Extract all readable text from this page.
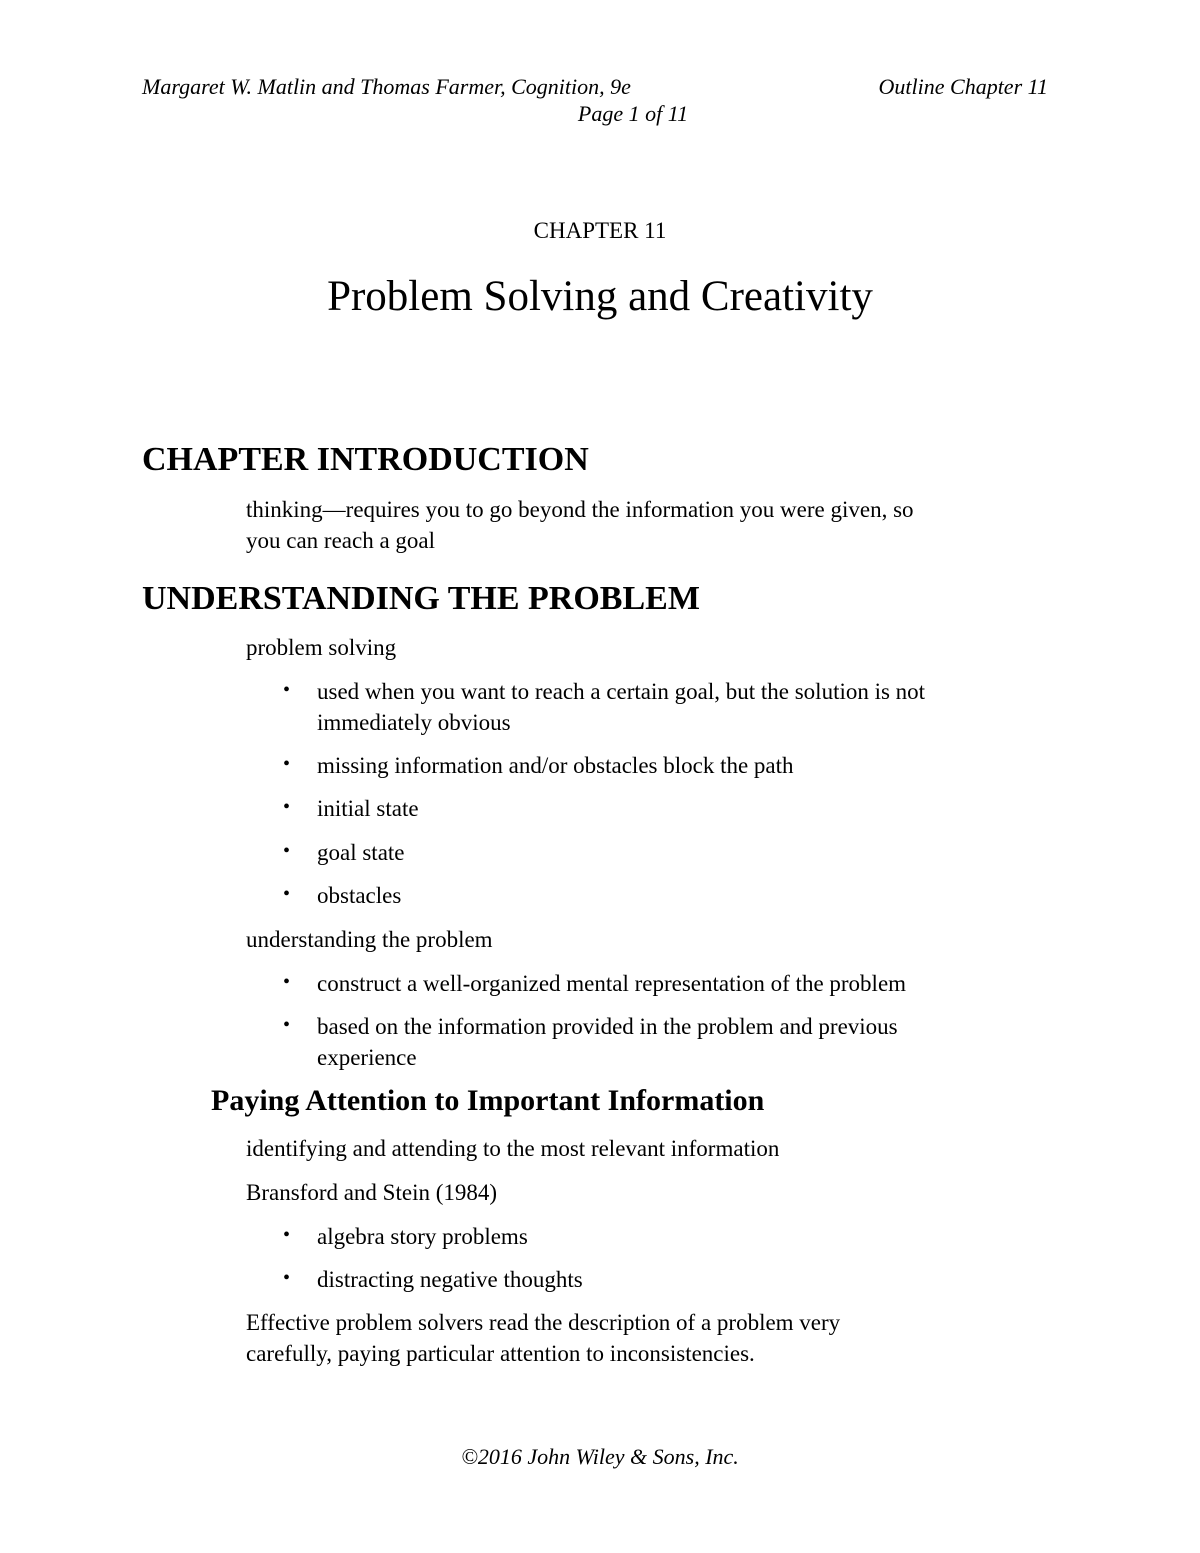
Margaret W. Matlin and Thomas Farmer, Cognition, 9e	Outline Chapter 11

Page 1 of 11

CHAPTER 11

Problem Solving and Creativity
CHAPTER INTRODUCTION

thinking—requires you to go beyond the information you were given, so

you can reach a goal

UNDERSTANDING THE PROBLEM

problem solving

• used when you want to reach a certain goal, but the solution is not

immediately obvious

• missing information and/or obstacles block the path

• initial state

• goal state

• obstacles

understanding the problem

• construct a well-organized mental representation of the problem

• based on the information provided in the problem and previous

experience

Paying Attention to Important Information

identifying and attending to the most relevant information

Bransford and Stein (1984)

• algebra story problems

• distracting negative thoughts

Effective problem solvers read the description of a problem very

carefully, paying particular attention to inconsistencies.

©2016 John Wiley & Sons, Inc.
